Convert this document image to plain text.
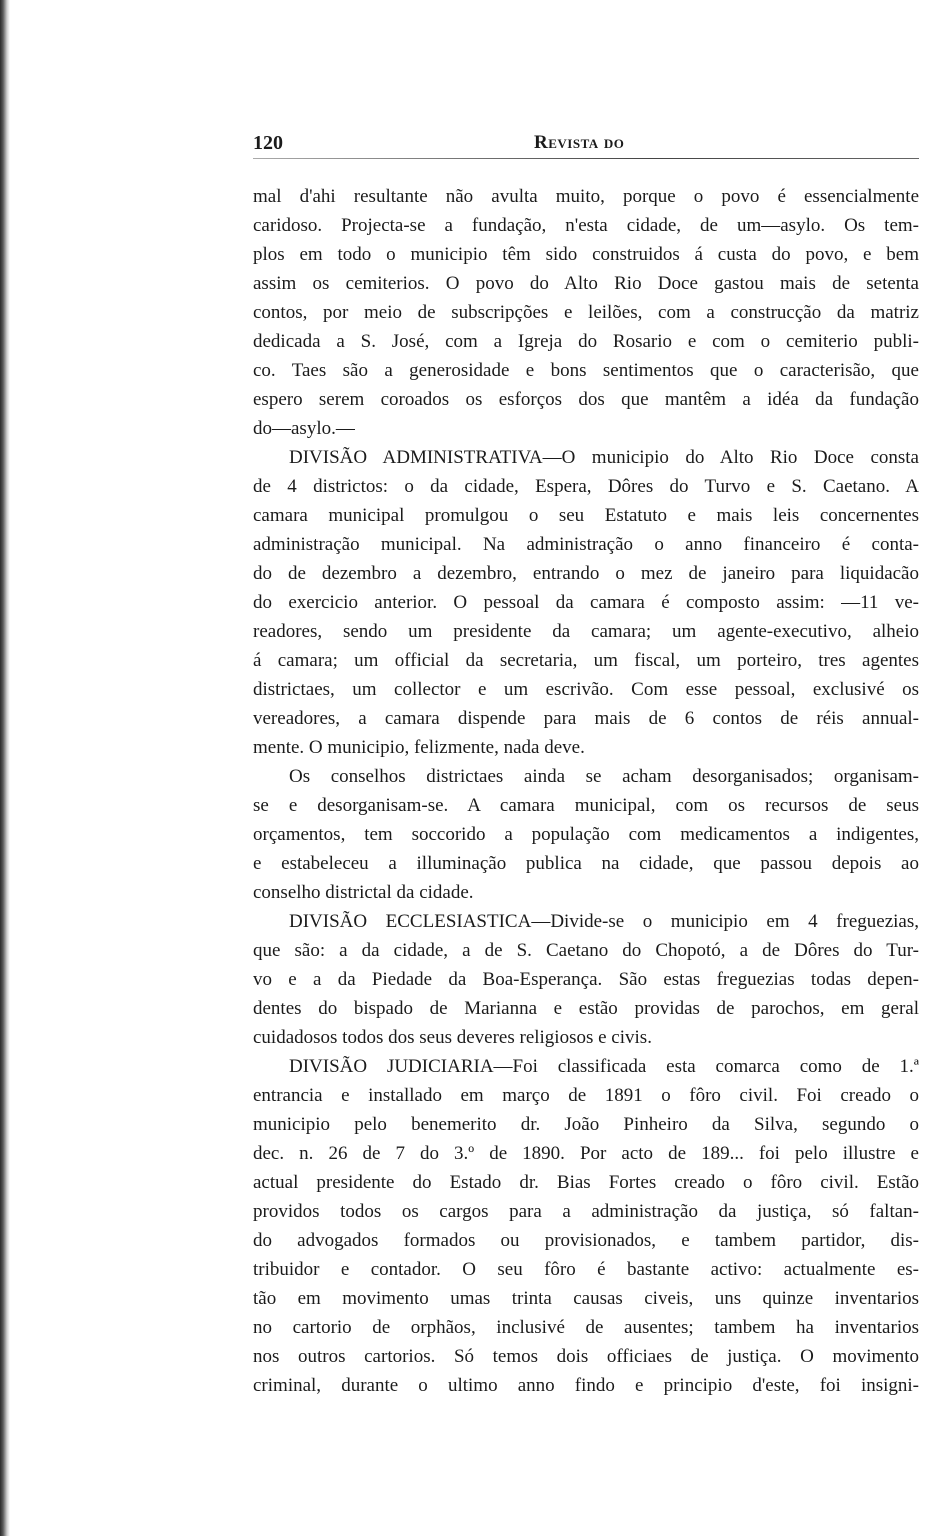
120	Revista do
mal d'ahi resultante não avulta muito, porque o povo é essencialmente
caridoso. Projecta-se a fundação, n'esta cidade, de um—asylo. Os tem-
plos em todo o municipio têm sido construidos á custa do povo, e bem
assim os cemiterios. O povo do Alto Rio Doce gastou mais de setenta
contos, por meio de subscripções e leilões, com a construcção da matriz
dedicada a S. José, com a Igreja do Rosario e com o cemiterio publi-
co. Taes são a generosidade e bons sentimentos que o caracterisão, que
espero serem coroados os esforços dos que mantêm a idéa da fundação
do—asylo.—
DIVISÃO ADMINISTRATIVA—O municipio do Alto Rio Doce consta
de 4 districtos: o da cidade, Espera, Dôres do Turvo e S. Caetano. A
camara municipal promulgou o seu Estatuto e mais leis concernentes
administração municipal. Na administração o anno financeiro é conta-
do de dezembro a dezembro, entrando o mez de janeiro para liquidacão
do exercicio anterior. O pessoal da camara é composto assim: —11 ve-
readores, sendo um presidente da camara; um agente-executivo, alheio
á camara; um official da secretaria, um fiscal, um porteiro, tres agentes
districtaes, um collector e um escrivão. Com esse pessoal, exclusivé os
vereadores, a camara dispende para mais de 6 contos de réis annual-
mente. O municipio, felizmente, nada deve.
Os conselhos districtaes ainda se acham desorganisados; organisam-
se e desorganisam-se. A camara municipal, com os recursos de seus
orçamentos, tem soccorido a população com medicamentos a indigentes,
e estabeleceu a illuminação publica na cidade, que passou depois ao
conselho districtal da cidade.
DIVISÃO ECCLESIASTICA—Divide-se o municipio em 4 freguezias,
que são: a da cidade, a de S. Caetano do Chopotó, a de Dôres do Tur-
vo e a da Piedade da Boa-Esperança. São estas freguezias todas depen-
dentes do bispado de Marianna e estão providas de parochos, em geral
cuidadosos todos dos seus deveres religiosos e civis.
DIVISÃO JUDICIARIA—Foi classificada esta comarca como de 1.ª
entrancia e installado em março de 1891 o fôro civil. Foi creado o
municipio pelo benemerito dr. João Pinheiro da Silva, segundo o
dec. n. 26 de 7 do 3.º de 1890. Por acto de 189... foi pelo illustre e
actual presidente do Estado dr. Bias Fortes creado o fôro civil. Estão
providos todos os cargos para a administração da justiça, só faltan-
do advogados formados ou provisionados, e tambem partidor, dis-
tribuidor e contador. O seu fôro é bastante activo: actualmente es-
tão em movimento umas trinta causas civeis, uns quinze inventarios
no cartorio de orphãos, inclusivé de ausentes; tambem ha inventarios
nos outros cartorios. Só temos dois officiaes de justiça. O movimento
criminal, durante o ultimo anno findo e principio d'este, foi insigni-
